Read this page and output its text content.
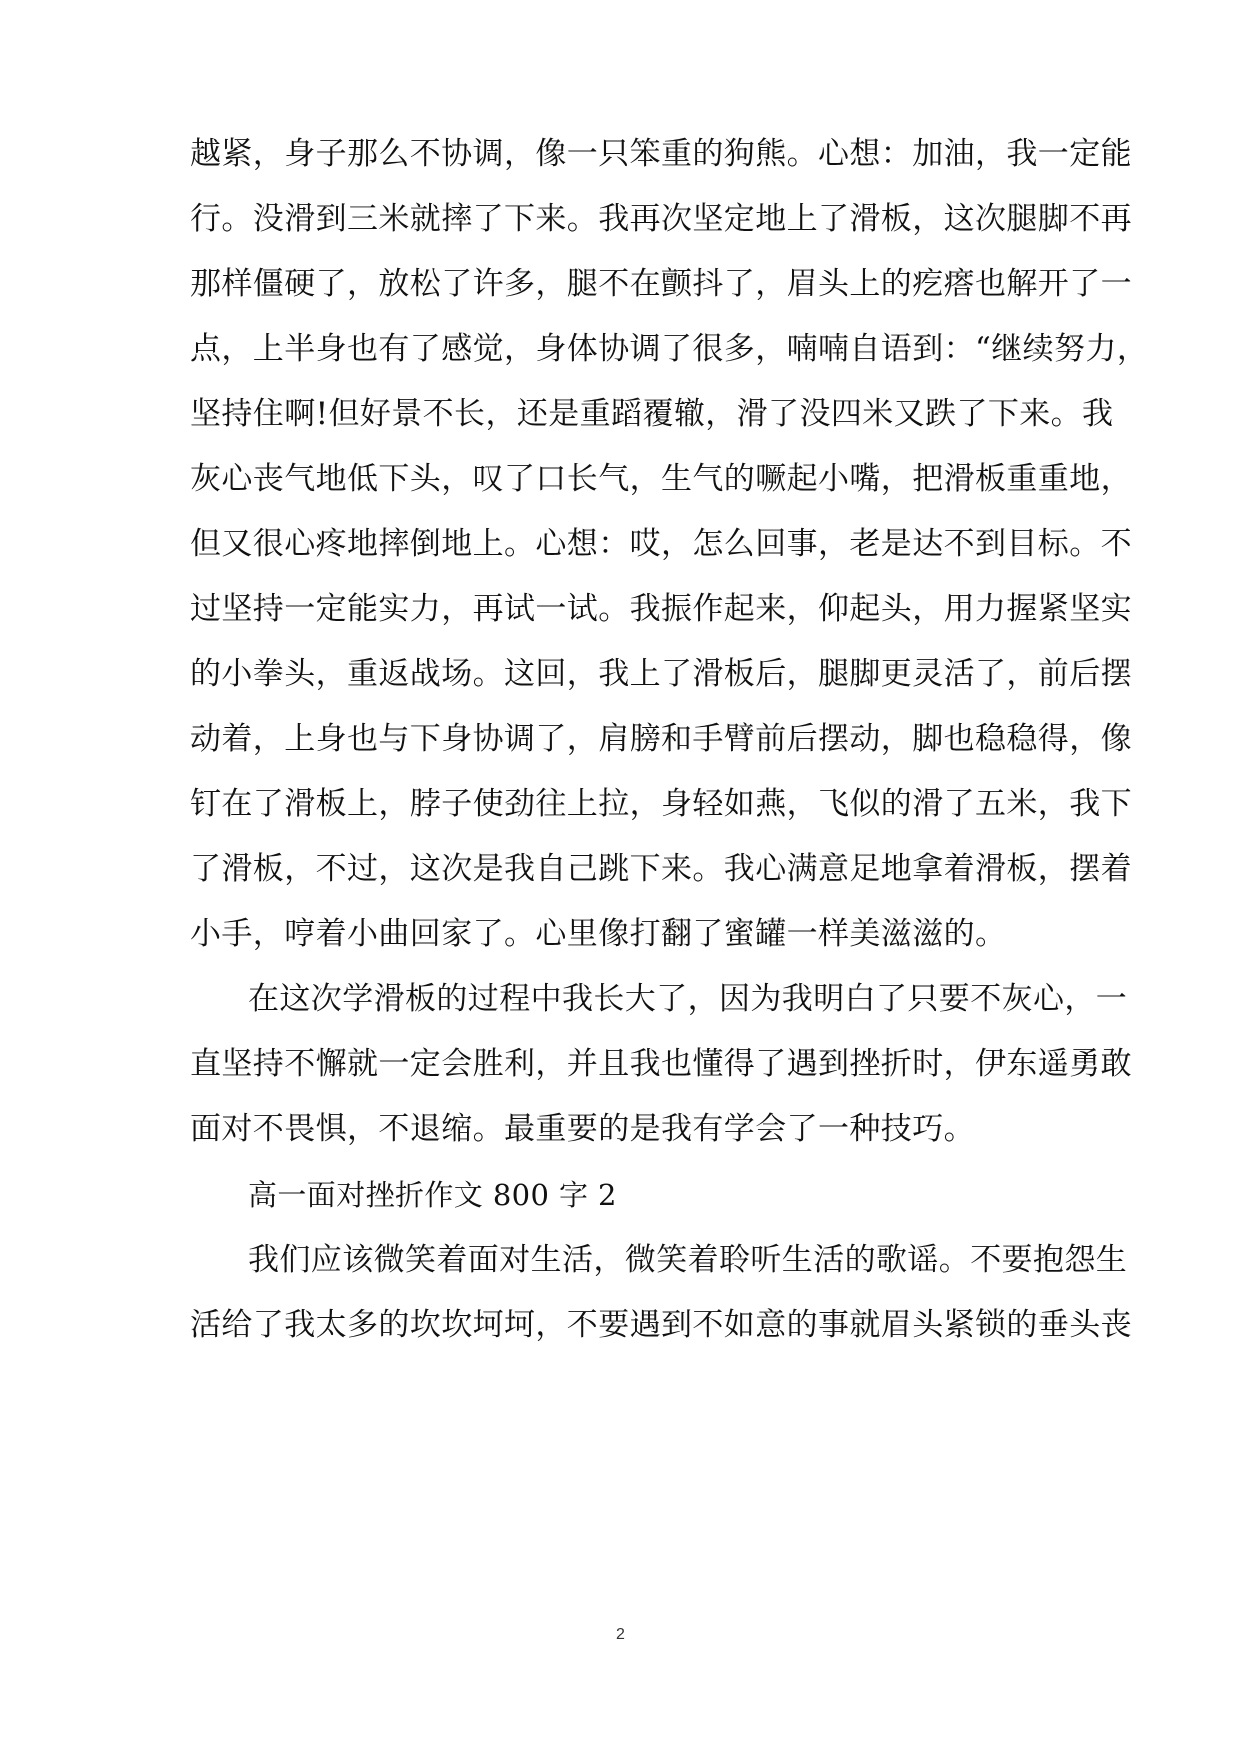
越紧，身子那么不协调，像一只笨重的狗熊。心想：加油，我一定能
行。没滑到三米就摔了下来。我再次坚定地上了滑板，这次腿脚不再
那样僵硬了，放松了许多，腿不在颤抖了，眉头上的疙瘩也解开了一
点，上半身也有了感觉，身体协调了很多，喃喃自语到：“继续努力，
坚持住啊!但好景不长，还是重蹈覆辙，滑了没四米又跌了下来。我
灰心丧气地低下头，叹了口长气，生气的噘起小嘴，把滑板重重地，
但又很心疼地摔倒地上。心想：哎，怎么回事，老是达不到目标。不
过坚持一定能实力，再试一试。我振作起来，仰起头，用力握紧坚实
的小拳头，重返战场。这回，我上了滑板后，腿脚更灵活了，前后摆
动着，上身也与下身协调了，肩膀和手臂前后摆动，脚也稳稳得，像
钉在了滑板上，脖子使劲往上拉，身轻如燕，飞似的滑了五米，我下
了滑板，不过，这次是我自己跳下来。我心满意足地拿着滑板，摆着
小手，哼着小曲回家了。心里像打翻了蜜罐一样美滋滋的。
在这次学滑板的过程中我长大了，因为我明白了只要不灰心，一
直坚持不懈就一定会胜利，并且我也懂得了遇到挫折时，伊东遥勇敢
面对不畏惧，不退缩。最重要的是我有学会了一种技巧。
高一面对挫折作文 800 字 2
我们应该微笑着面对生活，微笑着聆听生活的歌谣。不要抱怨生
活给了我太多的坎坎坷坷，不要遇到不如意的事就眉头紧锁的垂头丧
2
